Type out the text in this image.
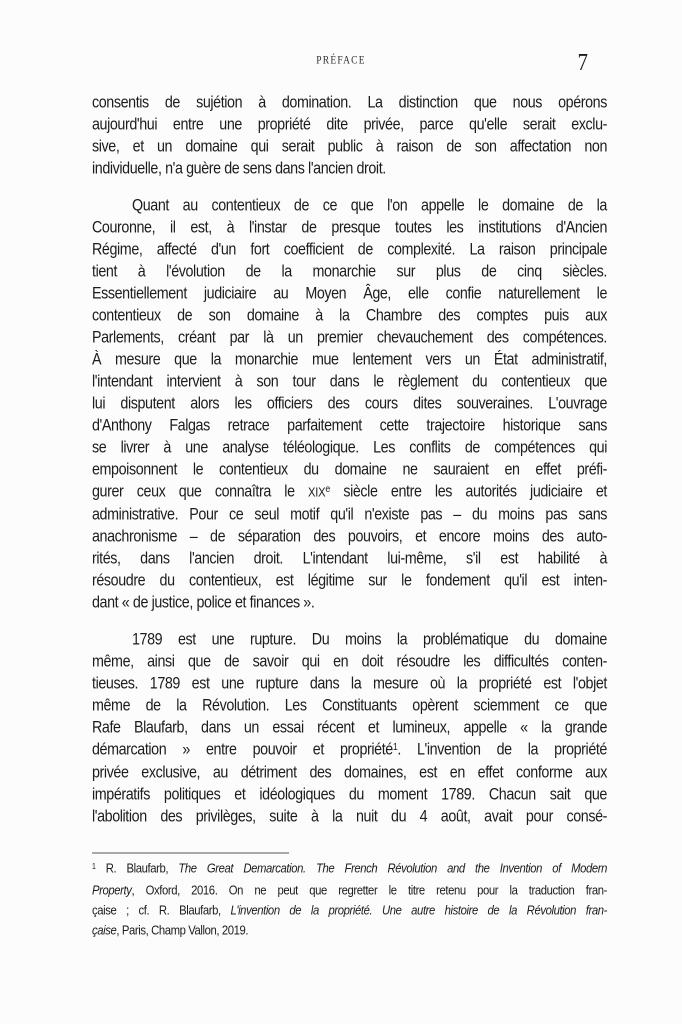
PRÉFACE	7
consentis de sujétion à domination. La distinction que nous opérons
aujourd'hui entre une propriété dite privée, parce qu'elle serait exclu-
sive, et un domaine qui serait public à raison de son affectation non
individuelle, n'a guère de sens dans l'ancien droit.
Quant au contentieux de ce que l'on appelle le domaine de la
Couronne, il est, à l'instar de presque toutes les institutions d'Ancien
Régime, affecté d'un fort coefficient de complexité. La raison principale
tient à l'évolution de la monarchie sur plus de cinq siècles.
Essentiellement judiciaire au Moyen Âge, elle confie naturellement le
contentieux de son domaine à la Chambre des comptes puis aux
Parlements, créant par là un premier chevauchement des compétences.
À mesure que la monarchie mue lentement vers un État administratif,
l'intendant intervient à son tour dans le règlement du contentieux que
lui disputent alors les officiers des cours dites souveraines. L'ouvrage
d'Anthony Falgas retrace parfaitement cette trajectoire historique sans
se livrer à une analyse téléologique. Les conflits de compétences qui
empoisonnent le contentieux du domaine ne sauraient en effet préfi-
gurer ceux que connaîtra le XIXe siècle entre les autorités judiciaire et
administrative. Pour ce seul motif qu'il n'existe pas – du moins pas sans
anachronisme – de séparation des pouvoirs, et encore moins des auto-
rités, dans l'ancien droit. L'intendant lui-même, s'il est habilité à
résoudre du contentieux, est légitime sur le fondement qu'il est inten-
dant « de justice, police et finances ».
1789 est une rupture. Du moins la problématique du domaine
même, ainsi que de savoir qui en doit résoudre les difficultés conten-
tieuses. 1789 est une rupture dans la mesure où la propriété est l'objet
même de la Révolution. Les Constituants opèrent sciemment ce que
Rafe Blaufarb, dans un essai récent et lumineux, appelle « la grande
démarcation » entre pouvoir et propriété$^1$. L'invention de la propriété
privée exclusive, au détriment des domaines, est en effet conforme aux
impératifs politiques et idéologiques du moment 1789. Chacun sait que
l'abolition des privilèges, suite à la nuit du 4 août, avait pour consé-
$^1$ R. Blaufarb, The Great Demarcation. The French Révolution and the Invention of Modern
Property, Oxford, 2016. On ne peut que regretter le titre retenu pour la traduction fran-
çaise ; cf. R. Blaufarb, L'invention de la propriété. Une autre histoire de la Révolution fran-
çaise, Paris, Champ Vallon, 2019.
